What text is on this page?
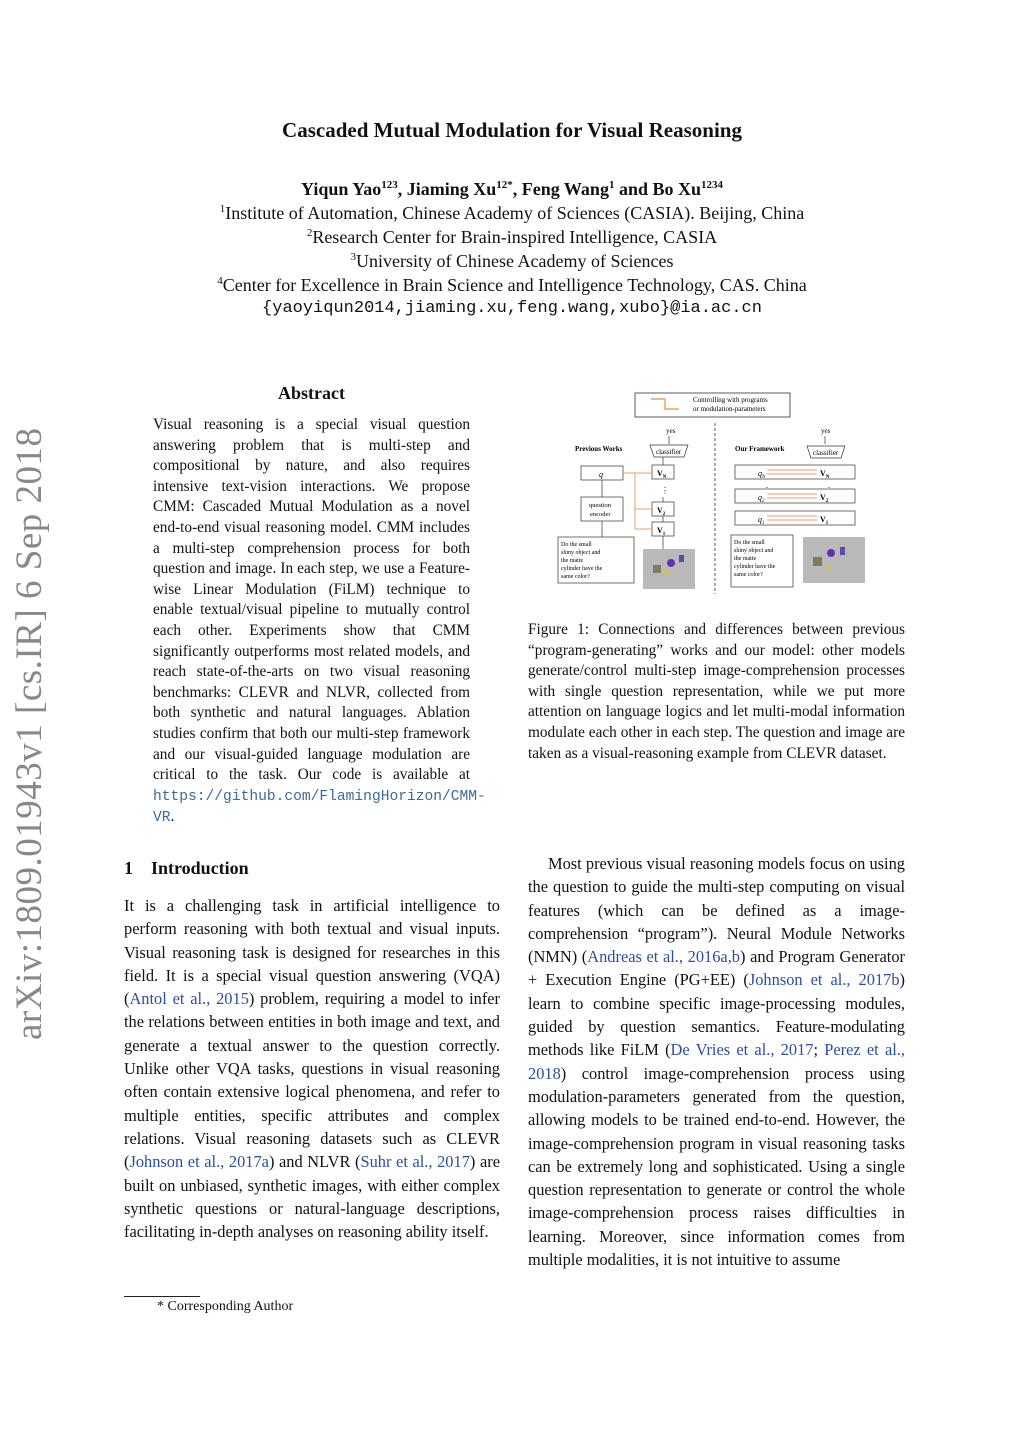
arXiv:1809.01943v1 [cs.IR] 6 Sep 2018
Cascaded Mutual Modulation for Visual Reasoning
Yiqun Yao$^{123}$, Jiaming $Xu^{12*}$, Feng Wang$^1$ and Bo $Xu^{1234}$
$^1$Institute of Automation, Chinese Academy of Sciences (CASIA). Beijing, China
$^2$Research Center for Brain-inspired Intelligence, CASIA
$^3$University of Chinese Academy of Sciences
$^4$Center for Excellence in Brain Science and Intelligence Technology, CAS. China
{yaoyiqun2014,jiaming.xu,feng.wang,xubo}@ia.ac.cn
Abstract
Visual reasoning is a special visual question answering problem that is multi-step and compositional by nature, and also requires intensive text-vision interactions. We propose CMM: Cascaded Mutual Modulation as a novel end-to-end visual reasoning model. CMM includes a multi-step comprehension process for both question and image. In each step, we use a Feature-wise Linear Modulation (FiLM) technique to enable textual/visual pipeline to mutually control each other. Experiments show that CMM significantly outperforms most related models, and reach state-of-the-arts on two visual reasoning benchmarks: CLEVR and NLVR, collected from both synthetic and natural languages. Ablation studies confirm that both our multi-step framework and our visual-guided language modulation are critical to the task. Our code is available at https://github.com/FlamingHorizon/CMM-VR.
1 Introduction
It is a challenging task in artificial intelligence to perform reasoning with both textual and visual inputs. Visual reasoning task is designed for researches in this field. It is a special visual question answering (VQA) (Antol et al., 2015) problem, requiring a model to infer the relations between entities in both image and text, and generate a textual answer to the question correctly. Unlike other VQA tasks, questions in visual reasoning often contain extensive logical phenomena, and refer to multiple entities, specific attributes and complex relations. Visual reasoning datasets such as CLEVR (Johnson et al., 2017a) and NLVR (Suhr et al., 2017) are built on unbiased, synthetic images, with either complex synthetic questions or natural-language descriptions, facilitating in-depth analyses on reasoning ability itself.
* Corresponding Author
Most previous visual reasoning models focus on using the question to guide the multi-step computing on visual features (which can be defined as a image-comprehension “program”). Neural Module Networks (NMN) (Andreas et al., 2016a,b) and Program Generator + Execution Engine (PG+EE) (Johnson et al., 2017b) learn to combine specific image-processing modules, guided by question semantics. Feature-modulating methods like FiLM (De Vries et al., 2017; Perez et al., 2018) control image-comprehension process using modulation-parameters generated from the question, allowing models to be trained end-to-end. However, the image-comprehension program in visual reasoning tasks can be extremely long and sophisticated. Using a single question representation to generate or control the whole image-comprehension process raises difficulties in learning. Moreover, since information comes from multiple modalities, it is not intuitive to assume
Controlling with programs
or modulation-parameters
Previous Works
yes
classifier
q	$V_N$
⋮
$V_2$
$V_1$
question
encoder
Do the small
shiny object and
the matte
cylinder have the
same color?
Our Framework
yes
classifier
$q_N$	$V_N$
$q_2$	$V_2$
$q_1$	$V_1$
Do the small
shiny object and
the matte
cylinder have the
same color?
Figure 1: Connections and differences between previous “program-generating” works and our model: other models generate/control multi-step image-comprehension processes with single question representation, while we put more attention on language logics and let multi-modal information modulate each other in each step. The question and image are taken as a visual-reasoning example from CLEVR dataset.
